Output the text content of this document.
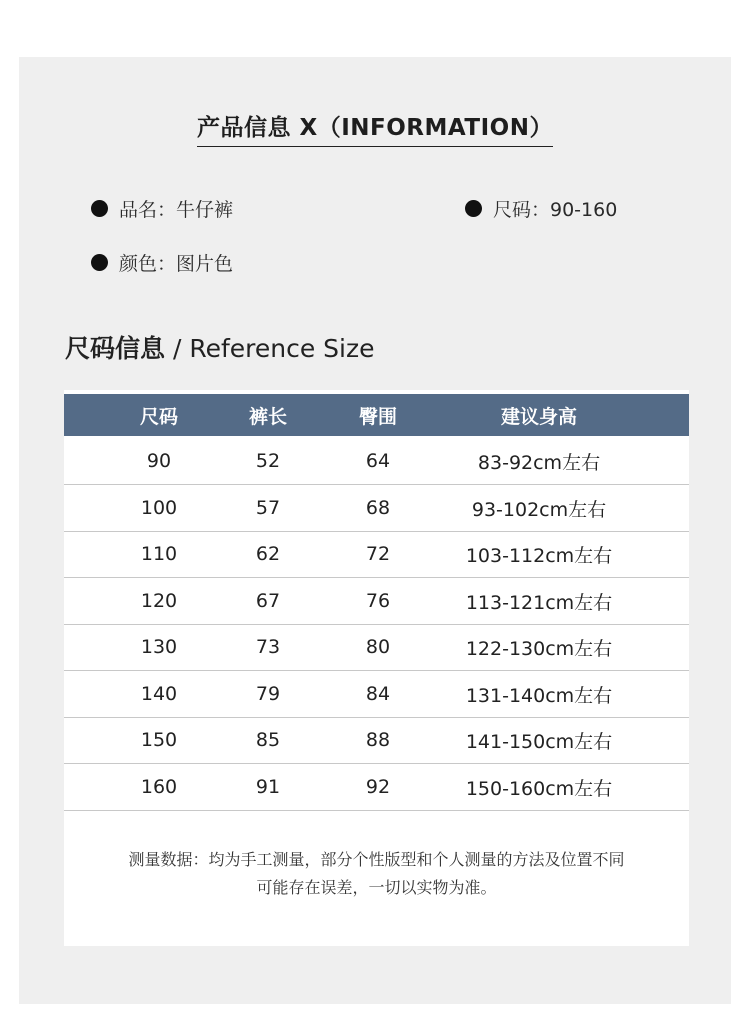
产品信息 X（INFORMATION）
品名：牛仔裤	尺码：90-160
颜色：图片色
尺码信息 / Reference Size
尺码	裤长	臀围	建议身高
90	52	64	83-92cm左右
100	57	68	93-102cm左右
110	62	72	103-112cm左右
120	67	76	113-121cm左右
130	73	80	122-130cm左右
140	79	84	131-140cm左右
150	85	88	141-150cm左右
160	91	92	150-160cm左右
测量数据：均为手工测量，部分个性版型和个人测量的方法及位置不同
可能存在误差，一切以实物为准。
